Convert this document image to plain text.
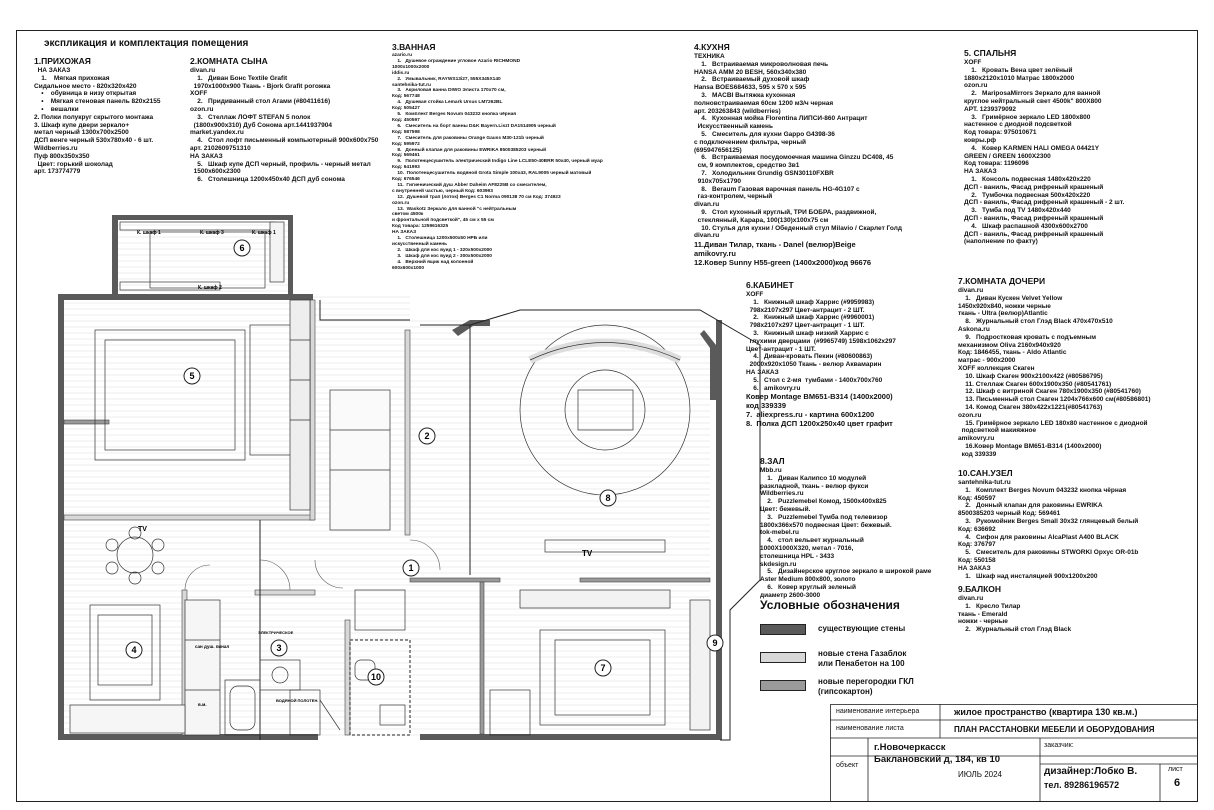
экспликация и комплектация помещения
1.ПРИХОЖАЯ
НА ЗАКАЗ
1.    Мягкая прихожая
Сидальное место - 820х320х420
•    обувница в низу открытая
•    Мягкая стеновая панель 820х2155
•    вешалки
2. Полки полукруг скрытого монтажа
3. Шкаф купе двери зеркало+
метал черный 1300х700х2500
ДСП венге черный 530х780х40 - 6 шт.
Wildberries.ru
Пуф 800х350х350
Цвет: горький шоколад
арт. 173774779
2.КОМНАТА СЫНА
divan.ru
1.   Диван Бонс Textile Grafit
1970х1000х900 Ткань - Bjork Grafit рогожка
XOFF
2.   Придиванный стол Агами (#80411616)
ozon.ru
3.   Стеллаж ЛОФТ STEFAN 5 полок
(1800х900х310) Дуб Сонома арт.1441937904
market.yandex.ru
4.   Стол лофт письменный компьютерный 900х600х750
арт. 2102609751310
НА ЗАКАЗ
5.   Шкаф купе ДСП черный, профиль - черный метал
1500х600х2300
6.   Столешница 1200х450х40 ДСП дуб сонома
3.ВАННАЯ
azario.ru
1.   Душевое ограждение угловое Azario RICHMOND
1000х1000х2000
iddis.ru
2.   Умывальник, RAYWS13i27, 555X345X140
santehnika-tut.ru
3.   Акриловая ванна DIWO Элиста 170х70 см,
Код: 567748
4.   Душевая стойка Lemark Ursus LM7262BL
Код: 505427
5.   Комплект Berges Novum 043232 кнопка чёрная
Код: 450597
6.   Смеситель на борт ванны D&K Bayern.Liszt DA1514905 черный
Код: 587598
7.   Смеситель для раковины Orange Gauss M30-121b черный
Код: 595972
8.   Донный клапан для раковины EWRIKA 8500385203 черный
Код: 569461
9.   Полотенцесушитель электрический Indigo Line LCLE50-40BRR 50х40, черный муар
Код: 641993
10.  Полотенцесушитель водяной Grota Simple 100х43, RAL9005 черный матовый
Код: 676546
11.  Гигиенический душ Abber Daheim AF8225B со смесителем,
с внутренней частью, черный Код: 603993
12.  Душевой трап (лоток) Berges C1 Norma 090138 70 см Код: 374923
ozon.ru
13.  Waskotz Зеркало для ванной "с нейтральным
светом 4500к
и фронтальной подсветкой", 45 см х 55 см
Код товара: 1259616325
НА ЗАКАЗ
1.   Столешница 1200х500х50 НРБ или
искусственный камень
2.   Шкаф для кос вуид 1 - 320х500х2000
3.   Шкаф для кос вуид 2 - 300х500х2000
4.   Верхний ящик над колонной
600х600х1000
4.КУХНЯ
ТЕХНИКА
1.   Встраиваемая микроволновая печь
HANSA AMM 20 BESH, 560х340х380
2.   Встраиваемый духовой шкаф
Hansa BOES684633, 595 х 570 х 595
3.   MACBI Вытяжка кухонная
полновстраиваемая 60см 1200 м3/ч черная
арт. 203263843 (wildberries)
4.   Кухонная мойка Florentina ЛИПСИ-860 Антрацит
Искусственный камень
5.   Смеситель для кухни Gappo G4398-36
с подключением фильтра, черный
(695947656125)
6.   Встраиваемая посудомоечная машина Ginzzu DC408, 45
см, 9 комплектов, средство 3в1
7.   Холодильник Grundig GSN30110FXBR
910х705х1790
8.   Beraum Газовая варочная панель HG-4G107 с
газ-контролем, черный
divan.ru
9.   Стол кухонный круглый, ТРИ БОБРА, раздвижной,
стеклянный, Карара, 100(130)х100х75 см
10. Стулья для кухни / Обеденный стул Milavio / Скарлет Голд
divan.ru
11.Диван Тилар, ткань - Danel (велюр)Beige
amikovry.ru
12.Ковер Sunny H55-green (1400х2000)код 96676
5. СПАЛЬНЯ
XOFF
1.   Кровать Вена цвет зелёный
1880х2120х1010 Матрас 1800х2000
ozon.ru
2.   MariposaMirrors Зеркало для ванной
круглое нейтральный свет 4500k" 800X800
АРТ. 1239379092
3.   Гримёрное зеркало LED 1800х800
настенное с диодной подсветкой
Код товара: 975010671
ковры.рф
4.   Ковер KARMEN HALI OMEGA 04421Y
GREEN / GREEN 1600X2300
Код товара: 1196096
НА ЗАКАЗ
1.   Консоль подвесная 1480х420х220
ДСП - ваниль, Фасад рифреный крашеный
2.   Тумбочка подвесная 500х420х220
ДСП - ваниль, Фасад рифреный крашеный - 2 шт.
3.   Тумба под TV 1480х420х440
ДСП - ваниль, Фасад рифреный крашеный
4.   Шкаф распашной 4300х600х2700
ДСП - ваниль, Фасад рифреный крашеный
(наполнение по факту)
6.КАБИНЕТ
XOFF
1.   Книжный шкаф Харрис (#9959983)
798х2107х297 Цвет-антрацит - 2 ШТ.
2.   Книжный шкаф Харрис (#9960001)
798х2107х297 Цвет-антрацит - 1 ШТ.
3.   Книжный шкаф низкий Харрис с
глухими дверцами  (#9965749) 1598х1062х297
Цвет-антрацит - 1 ШТ.
4.   Диван-кровать Пекин (#80600863)
2000х920х1050 Ткань - велюр Аквамарин
НА ЗАКАЗ
5.   Стол с 2-мя  тумбами - 1400х700х760
6.   amikovry.ru
Ковер Montage BM651-B314 (1400х2000)
код 339339
7.  aliexpress.ru - картина 600х1200
8.  Полка ДСП 1200х250х40 цвет графит
7.КОМНАТА ДОЧЕРИ
divan.ru
1.   Диван Кускен Velvet Yellow
1450х920х840, ножки черные
ткань - Ultra (велюр)Atlantic
8.   Журнальный стол Глэд Black 470х470х510
Askona.ru
9.   Подростковая кровать с подъемным
механизмом Olivа 2160х940х920
Код: 1846455, ткань - Aldo Atlantic
матрас - 900х2000
XOFF коллекция Скаген
10. Шкаф Скаген 900х2100х422 (#80586795)
11. Стеллаж Скаген 600х1900х350 (#80541761)
12. Шкаф с витриной Скаген 780х1900х350 (#80541760)
13. Письменный стол Скаген 1204х766х600 см(#80586801)
14. Комод Скаген 380х422х1221(#80541763)
ozon.ru
15. Гримёрное зеркало LED 180х80 настенное с диодной
подсветкой макияжное
amikovry.ru
16.Ковер Montage BM651-B314 (1400х2000)
код 339339
8.ЗАЛ
Mbb.ru
1.   Диван Калипсо 10 модулей
разкладной, ткань - велюр фукси
Wildberries.ru
2.   Puzzlemebel Комод, 1500х400х825
Цвет: бежевый.
3.   Puzzlemebel Тумба под телевизор
1800х366х570 подвесная Цвет: бежевый.
tok-mebel.ru
4.   стол вельвет журнальный
1000Х1000Х320, метал - 7016,
столешница HPL - 3433
skdesign.ru
5.   Дизайнерское круглое зеркало в широкой раме
Aster Medium 800х800, золото
6.   Ковер круглый зеленый
диаметр 2600-3000
10.САН.УЗЕЛ
santehnika-tut.ru
1.   Комплект Berges Novum 043232 кнопка чёрная
Код: 450597
2.   Донный клапан для раковины EWRIKA
8500385203 черный Код: 569461
3.   Рукомойник Berges Small 30х32 глянцевый белый
Код: 636692
4.   Сифон для раковины AlcaPlast A400 BLACK
Код: 376797
5.   Смеситель для раковины STWORKI Орхус OR-01b
Код: 550158
НА ЗАКАЗ
1.   Шкаф над инсталяцией 900х1200х200
9.БАЛКОН
divan.ru
1.   Кресло Тилар
ткань - Emerald
ножки - черные
2.   Журнальный стол Глэд Black
5
6
2
8
1
4	3
10
7
9
К. шкаф 1	К. шкаф 3	К. шкаф 1
К. шкаф 2
TV
TV
сан душ. пинал
в.м.
ЭЛЕКТРИЧЕСКОЕ
ВОДЯНОЙ ПОЛОТЕН.
Условные обозначения
существующие стены
новые стена Газаблок
или Пенабетон на 100
новые перегородки ГКЛ
(гипсокартон)
наименование интерьера	жилое пространство (квартира 130 кв.м.)
наименование листа	ПЛАН РАССТАНОВКИ МЕБЕЛИ И ОБОРУДОВАНИЯ
заказчик:
объект
г.Новочеркасск
Баклановский д, 184, кв 10
ИЮЛЬ 2024	дизайнер:Лобко В.
тел. 89286196572
лист
6
